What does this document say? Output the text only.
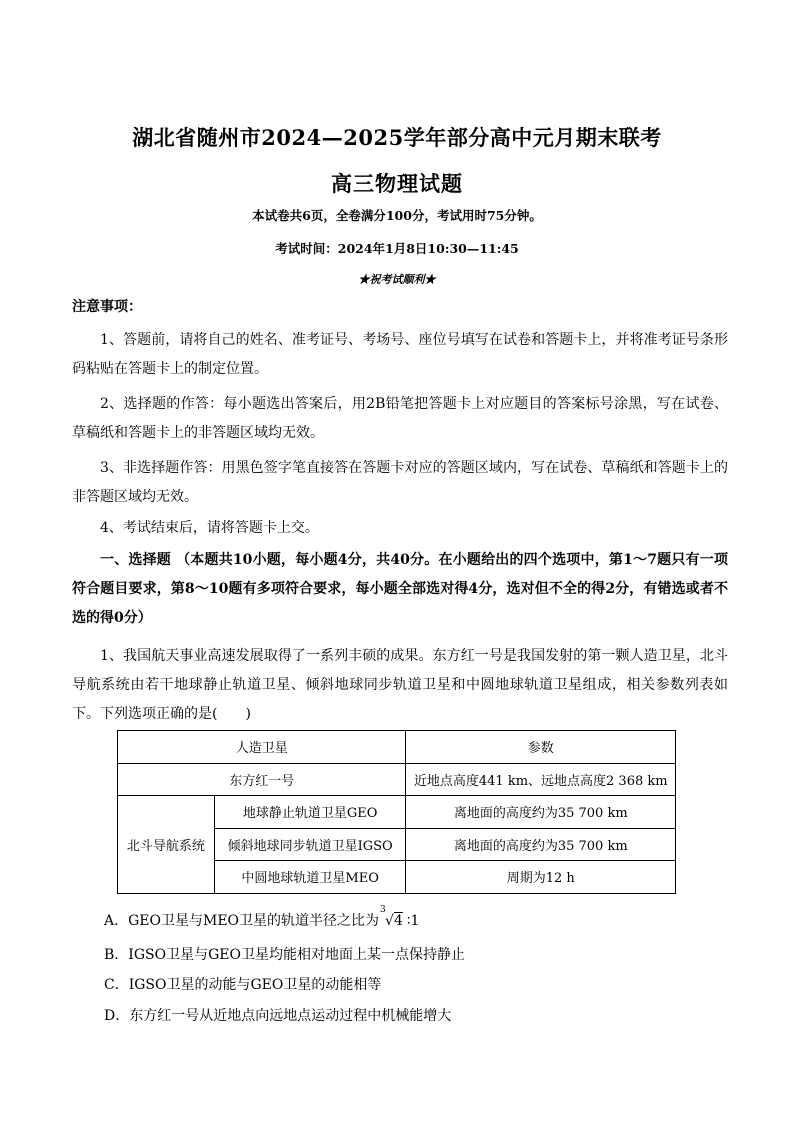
湖北省随州市2024—2025学年部分高中元月期末联考
高三物理试题
本试卷共6页，全卷满分100分，考试用时75分钟。
考试时间：2024年1月8日10:30—11:45
★祝考试顺利★
注意事项：
1、答题前，请将自己的姓名、准考证号、考场号、座位号填写在试卷和答题卡上，并将准考证号条形码粘贴在答题卡上的制定位置。
2、选择题的作答：每小题选出答案后，用2B铅笔把答题卡上对应题目的答案标号涂黑，写在试卷、草稿纸和答题卡上的非答题区域均无效。
3、非选择题作答：用黑色签字笔直接答在答题卡对应的答题区域内，写在试卷、草稿纸和答题卡上的非答题区域均无效。
4、考试结束后，请将答题卡上交。
一、选择题 （本题共10小题，每小题4分，共40分。在小题给出的四个选项中，第1～7题只有一项符合题目要求，第8～10题有多项符合要求，每小题全部选对得4分，选对但不全的得2分，有错选或者不选的得0分）
1、我国航天事业高速发展取得了一系列丰硕的成果。东方红一号是我国发射的第一颗人造卫星，北斗导航系统由若干地球静止轨道卫星、倾斜地球同步轨道卫星和中圆地球轨道卫星组成，相关参数列表如下。下列选项正确的是(　　)
人造卫星		参数
东方红一号		近地点高度441 km、远地点高度2 368 km
北斗导航系统	地球静止轨道卫星GEO	离地面的高度约为35 700 km
	倾斜地球同步轨道卫星IGSO	离地面的高度约为35 700 km
	中圆地球轨道卫星MEO	周期为12 h
A．GEO卫星与MEO卫星的轨道半径之比为
3
√4 ∶1
B．IGSO卫星与GEO卫星均能相对地面上某一点保持静止
C．IGSO卫星的动能与GEO卫星的动能相等
D．东方红一号从近地点向远地点运动过程中机械能增大
